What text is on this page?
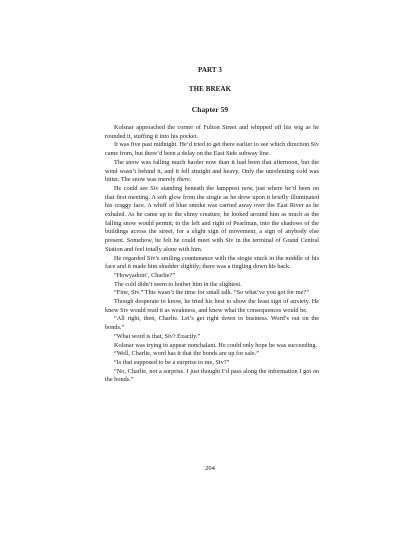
PART 3
THE BREAK
Chapter 59

Kolsnar approached the corner of Fulton Street and whipped off his wig as he rounded it, stuffing it into his pocket.

It was five past midnight. He’d tried to get there earlier to see which direction Siv came from, but there’d been a delay on the East Side subway line.

The snow was falling much harder now than it had been that afternoon, but the wind wasn’t behind it, and it fell straight and heavy. Only the unrelenting cold was bitter. The snow was merely there.

He could see Siv standing beneath the lamppost now, just where he’d been on that first meeting. A soft glow from the stogie as he drew upon it briefly illuminated his craggy face. A whiff of blue smoke was carried away over the East River as he exhaled. As he came up to the slimy creature, he looked around him as much as the falling snow would permit; to the left and right of Pearlman, into the shadows of the buildings across the street, for a slight sign of movement, a sign of anybody else present. Somehow, he felt he could meet with Siv in the terminal of Grand Central Station and feel totally alone with him.

He regarded Siv’s smiling countenance with the stogie stuck in the middle of his face and it made him shudder slightly; there was a tingling down his back.

“Howyadoin’, Charlie?”

The cold didn’t seem to bother him in the slightest.

“Fine, Siv.” This wasn’t the time for small talk. “So what’ve you got for me?”

Though desperate to know, he tried his best to show the least sign of anxiety. He knew Siv would read it as weakness, and knew what the consequences would be.

“All right, then, Charlie. Let’s get right down to business. Word’s out on the bonds.”

“What word is that, Siv? Exactly.”

Kolsnar was trying to appear nonchalant. He could only hope he was succeeding.

“Well, Charlie, word has it that the bonds are up for sale.”

“Is that supposed to be a surprise to me, Siv?”

“No, Charlie, not a surprise. I just thought I’d pass along the information I got on the bonds.”

204
